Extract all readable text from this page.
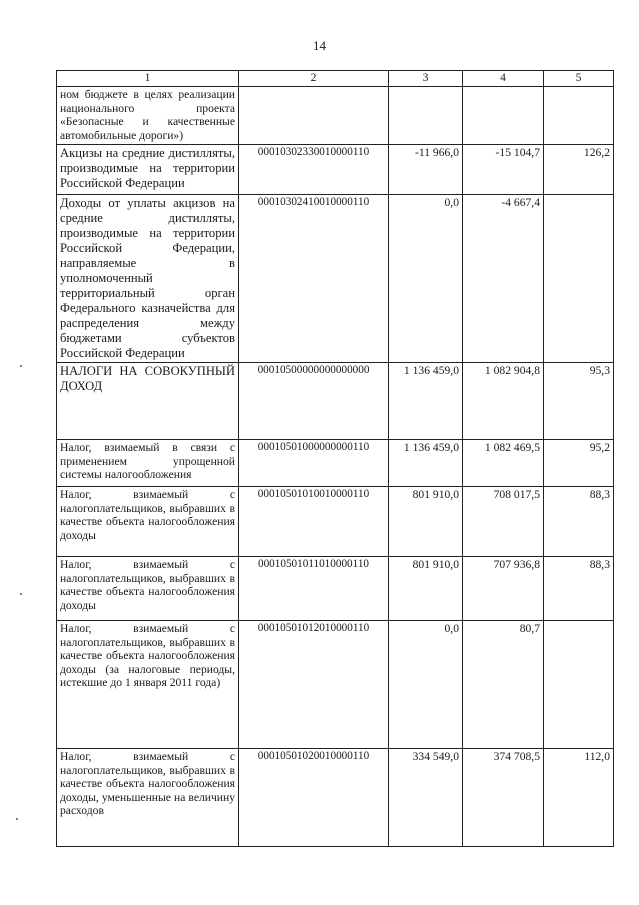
14
1	2	3	4	5
ном бюджете в целях реализации национального проекта «Безопасные и качественные автомобильные дороги»)				
Акцизы на средние дистилляты, производимые на территории Российской Федерации	00010302330010000110	-11 966,0	-15 104,7	126,2
Доходы от уплаты акцизов на средние дистилляты, производимые на территории Российской Федерации, направляемые в уполномоченный территориальный орган Федерального казначейства для распределения между бюджетами субъектов Российской Федерации	00010302410010000110	0,0	-4 667,4	
НАЛОГИ НА СОВОКУПНЫЙ ДОХОД	00010500000000000000	1 136 459,0	1 082 904,8	95,3
Налог, взимаемый в связи с применением упрощенной системы налогообложения	00010501000000000110	1 136 459,0	1 082 469,5	95,2
Налог, взимаемый с налогоплательщиков, выбравших в качестве объекта налогообложения доходы	00010501010010000110	801 910,0	708 017,5	88,3
Налог, взимаемый с налогоплательщиков, выбравших в качестве объекта налогообложения доходы	00010501011010000110	801 910,0	707 936,8	88,3
Налог, взимаемый с налогоплательщиков, выбравших в качестве объекта налогообложения доходы (за налоговые периоды, истекшие до 1 января 2011 года)	00010501012010000110	0,0	80,7	
Налог, взимаемый с налогоплательщиков, выбравших в качестве объекта налогообложения доходы, уменьшенные на величину расходов	00010501020010000110	334 549,0	374 708,5	112,0
